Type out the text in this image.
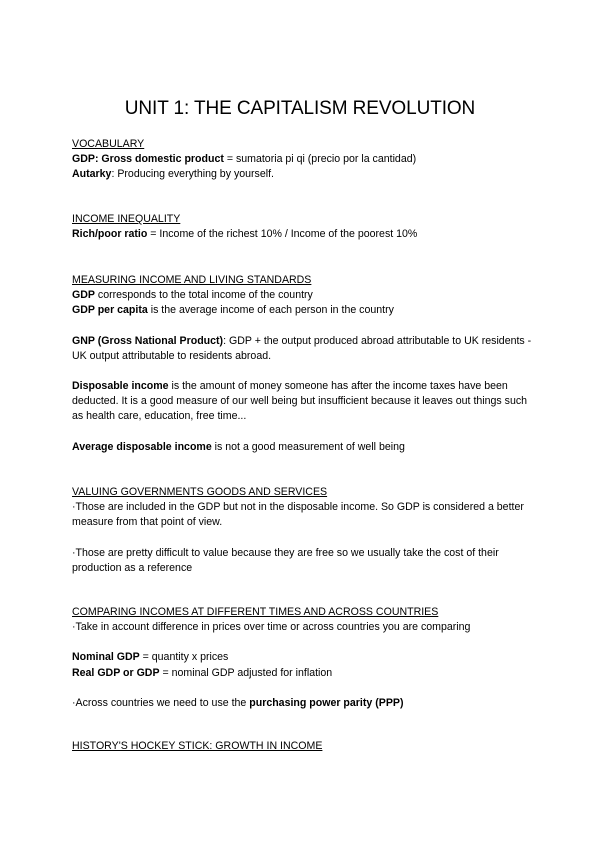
UNIT 1: THE CAPITALISM REVOLUTION

VOCABULARY

GDP: Gross domestic product = sumatoria pi qi (precio por la cantidad)

Autarky: Producing everything by yourself.

INCOME INEQUALITY

Rich/poor ratio = Income of the richest 10% / Income of the poorest 10%

MEASURING INCOME AND LIVING STANDARDS

GDP corresponds to the total income of the country

GDP per capita is the average income of each person in the country

GNP (Gross National Product): GDP + the output produced abroad attributable to UK residents - UK output attributable to residents abroad.

Disposable income is the amount of money someone has after the income taxes have been deducted. It is a good measure of our well being but insufficient because it leaves out things such as health care, education, free time...

Average disposable income is not a good measurement of well being

VALUING GOVERNMENTS GOODS AND SERVICES

·Those are included in the GDP but not in the disposable income. So GDP is considered a better measure from that point of view.

·Those are pretty difficult to value because they are free so we usually take the cost of their production as a reference

COMPARING INCOMES AT DIFFERENT TIMES AND ACROSS COUNTRIES

·Take in account difference in prices over time or across countries you are comparing

Nominal GDP = quantity x prices

Real GDP or GDP = nominal GDP adjusted for inflation

·Across countries we need to use the purchasing power parity (PPP)

HISTORY'S HOCKEY STICK: GROWTH IN INCOME
